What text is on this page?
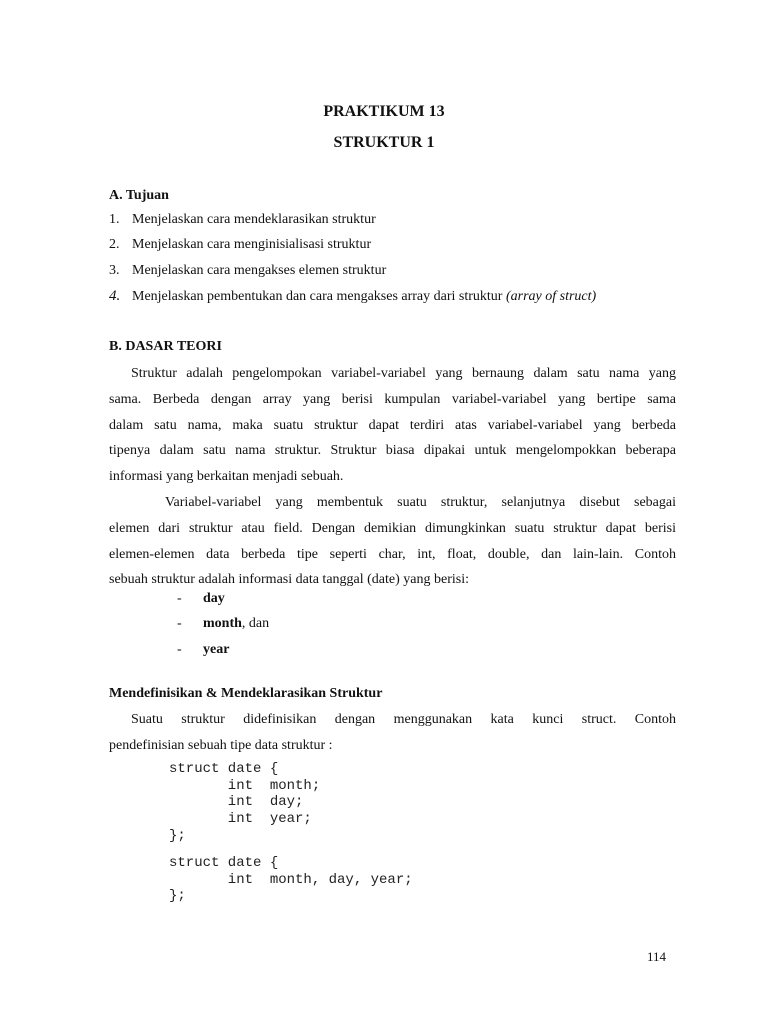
PRAKTIKUM 13
STRUKTUR 1
A. Tujuan
1. Menjelaskan cara mendeklarasikan struktur
2. Menjelaskan cara menginisialisasi struktur
3. Menjelaskan cara mengakses elemen struktur
4. Menjelaskan pembentukan dan cara mengakses array dari struktur (array of struct)
B. DASAR TEORI
Struktur adalah pengelompokan variabel-variabel yang bernaung dalam satu nama yang
sama. Berbeda dengan array yang berisi kumpulan variabel-variabel yang bertipe sama
dalam satu nama, maka suatu struktur dapat terdiri atas variabel-variabel yang berbeda
tipenya dalam satu nama struktur. Struktur biasa dipakai untuk mengelompokkan beberapa
informasi yang berkaitan menjadi sebuah.
Variabel-variabel yang membentuk suatu struktur, selanjutnya disebut sebagai
elemen dari struktur atau field. Dengan demikian dimungkinkan suatu struktur dapat berisi
elemen-elemen data berbeda tipe seperti char, int, float, double, dan lain-lain. Contoh
sebuah struktur adalah informasi data tanggal (date) yang berisi:
- day
- month, dan
- year
Mendefinisikan & Mendeklarasikan Struktur
Suatu struktur didefinisikan dengan menggunakan kata kunci struct. Contoh
pendefinisian sebuah tipe data struktur :
struct date {
int  month;
int  day;
int  year;
};
struct date {
int  month, day, year;
};
114
